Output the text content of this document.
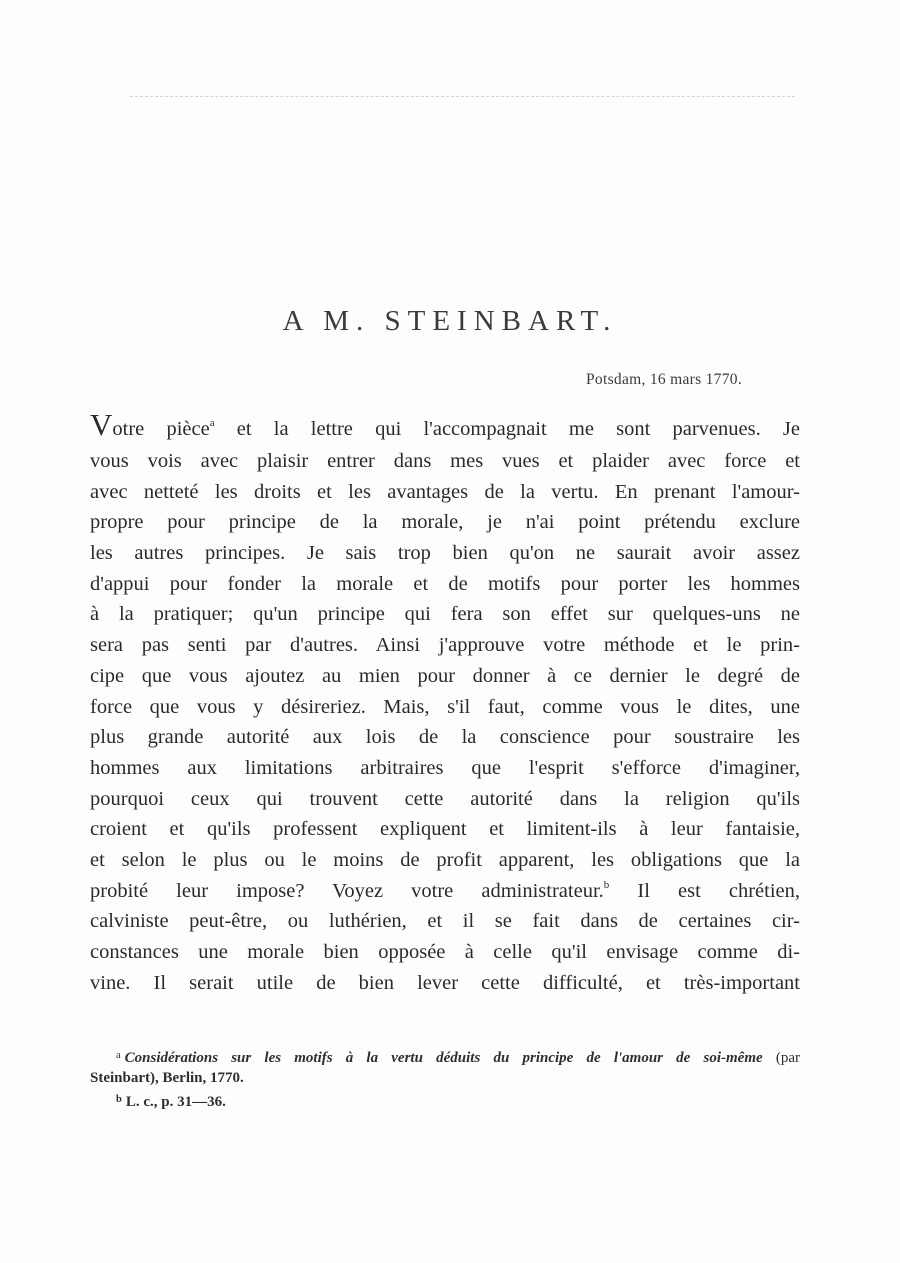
A M. STEINBART.
Potsdam, 16 mars 1770.
Votre pièce$^a$ et la lettre qui l'accompagnait me sont parvenues. Je
vous vois avec plaisir entrer dans mes vues et plaider avec force et
avec netteté les droits et les avantages de la vertu. En prenant l'amour-
propre pour principe de la morale, je n'ai point prétendu exclure
les autres principes. Je sais trop bien qu'on ne saurait avoir assez
d'appui pour fonder la morale et de motifs pour porter les hommes
à la pratiquer; qu'un principe qui fera son effet sur quelques-uns ne
sera pas senti par d'autres. Ainsi j'approuve votre méthode et le prin-
cipe que vous ajoutez au mien pour donner à ce dernier le degré de
force que vous y désireriez. Mais, s'il faut, comme vous le dites, une
plus grande autorité aux lois de la conscience pour soustraire les
hommes aux limitations arbitraires que l'esprit s'efforce d'imaginer,
pourquoi ceux qui trouvent cette autorité dans la religion qu'ils
croient et qu'ils professent expliquent et limitent-ils à leur fantaisie,
et selon le plus ou le moins de profit apparent, les obligations que la
probité leur impose? Voyez votre administrateur.$^b$ Il est chrétien,
calviniste peut-être, ou luthérien, et il se fait dans de certaines cir-
constances une morale bien opposée à celle qu'il envisage comme di-
vine. Il serait utile de bien lever cette difficulté, et très-important
$^a$ Considérations sur les motifs à la vertu déduits du principe de l'amour de soi-même (par
Steinbart), Berlin, 1770.
$^b$ L. c., p. 31—36.
